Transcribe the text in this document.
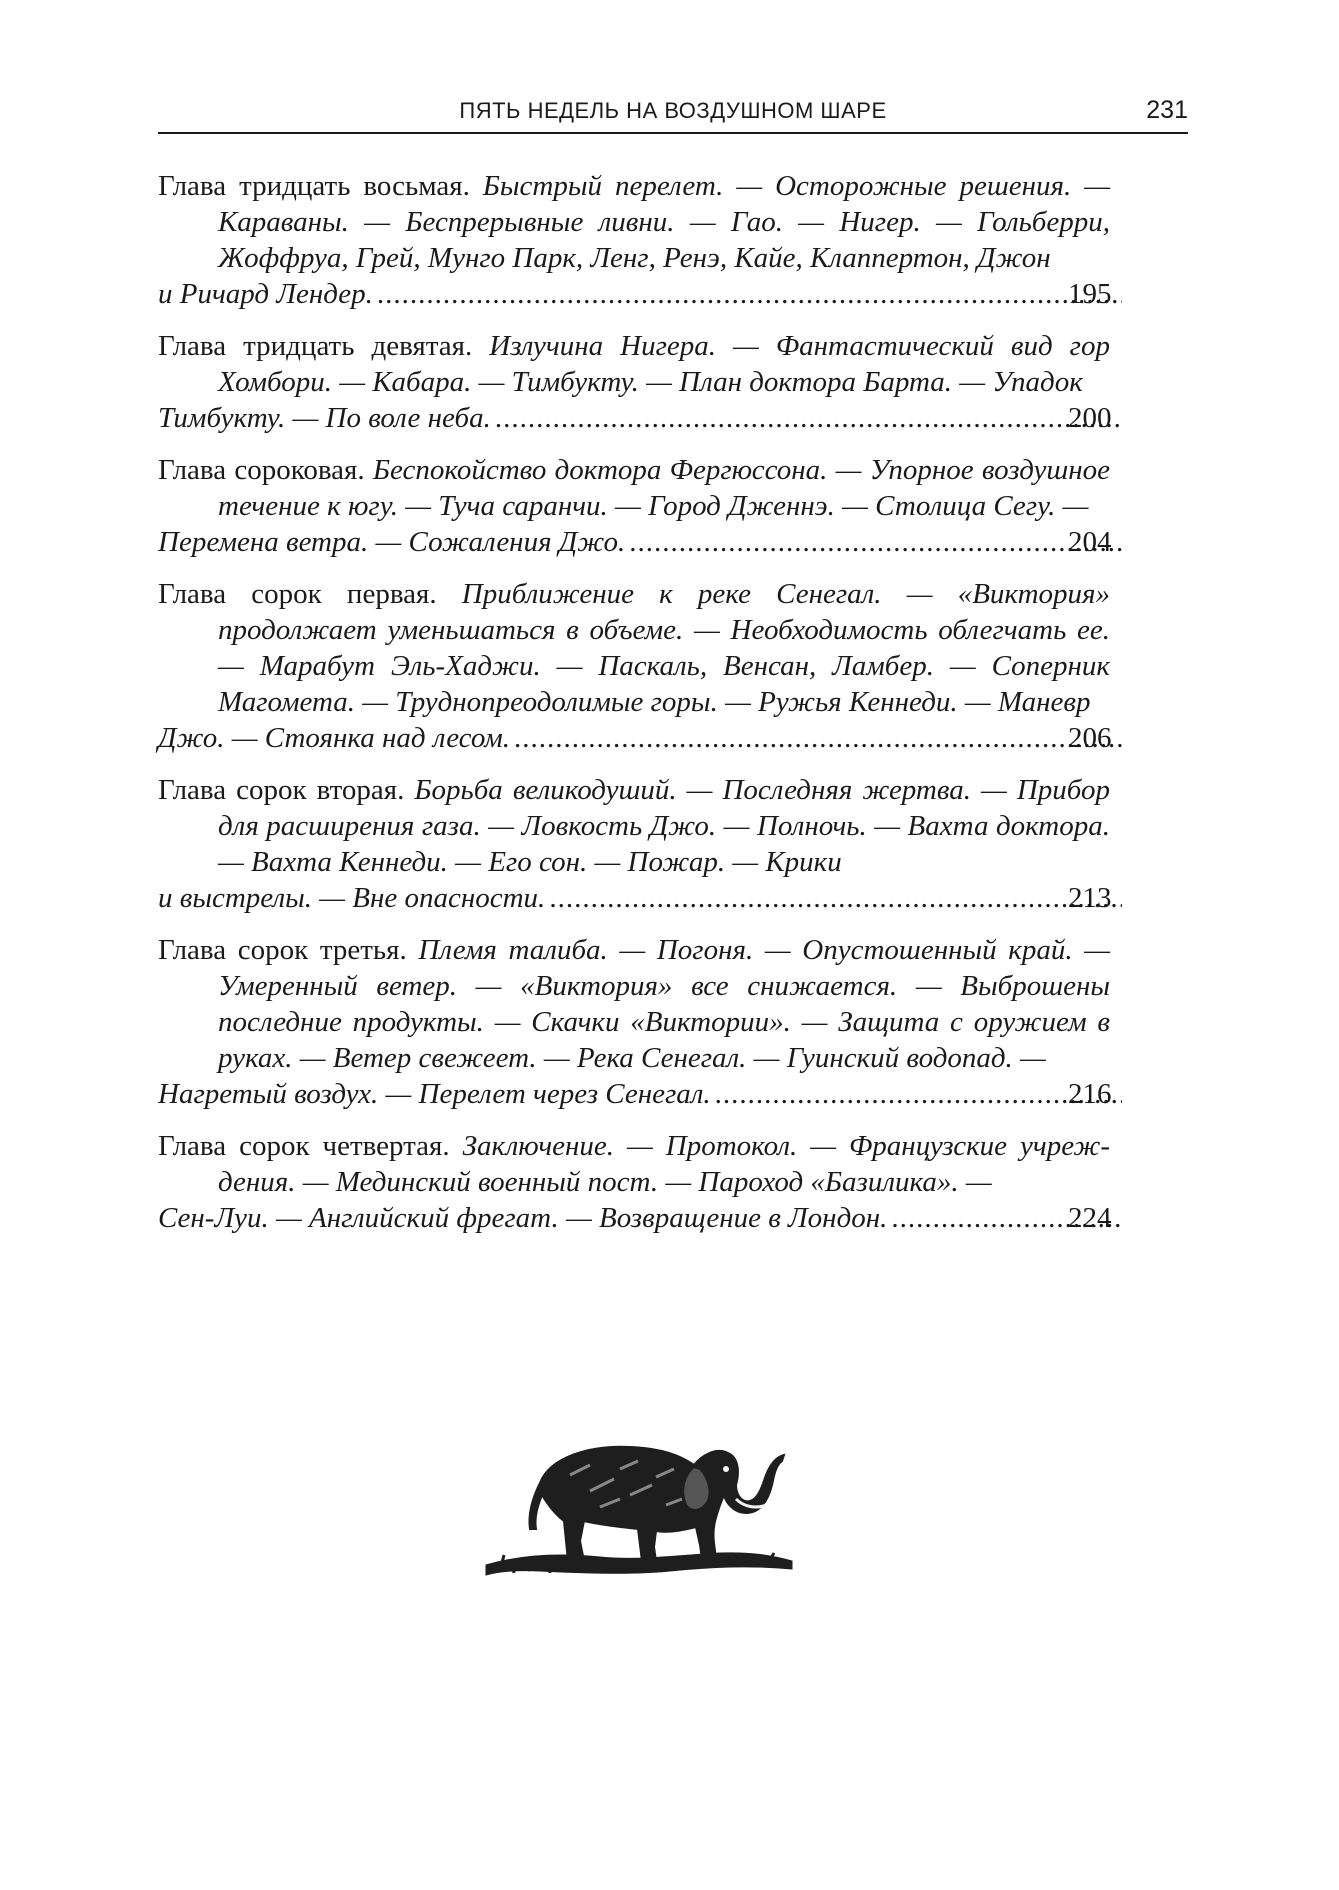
ПЯТЬ НЕДЕЛЬ НА ВОЗДУШНОМ ШАРЕ	231
Глава тридцать восьмая. Быстрый перелет. — Осторожные решения. — Караваны. — Беспрерывные ливни. — Гао. — Нигер. — Гольберри, Жоффруа, Грей, Мунго Парк, Ленг, Ренэ, Кайе, Клаппертон, Джон
и Ричард Лендер. .....	195
Глава тридцать девятая. Излучина Нигера. — Фантастический вид гор Хомбори. — Кабара. — Тимбукту. — План доктора Барта. — Упадок
Тимбукту. — По воле неба. .....	200
Глава сороковая. Беспокойство доктора Фергюссона. — Упорное воздушное течение к югу. — Туча саранчи. — Город Дженнэ. — Столица Сегу. —
Перемена ветра. — Сожаления Джо. .....	204
Глава сорок первая. Приближение к реке Сенегал. — «Виктория» продолжает уменьшаться в объеме. — Необходимость облегчать ее. — Марабут Эль-Хаджи. — Паскаль, Венсан, Ламбер. — Соперник Магомета. — Труднопреодолимые горы. — Ружья Кеннеди. — Маневр
Джо. — Стоянка над лесом. .....	206
Глава сорок вторая. Борьба великодуший. — Последняя жертва. — Прибор для расширения газа. — Ловкость Джо. — Полночь. — Вахта доктора. — Вахта Кеннеди. — Его сон. — Пожар. — Крики
и выстрелы. — Вне опасности. .....	213
Глава сорок третья. Племя талиба. — Погоня. — Опустошенный край. — Умеренный ветер. — «Виктория» все снижается. — Выброшены последние продукты. — Скачки «Виктории». — Защита с оружием в руках. — Ветер свежеет. — Река Сенегал. — Гуинский водопад. —
Нагретый воздух. — Перелет через Сенегал. .....	216
Глава сорок четвертая. Заключение. — Протокол. — Французские учреж-дения. — Мединский военный пост. — Пароход «Базилика». —
Сен-Луи. — Английский фрегат. — Возвращение в Лондон. .....	224
